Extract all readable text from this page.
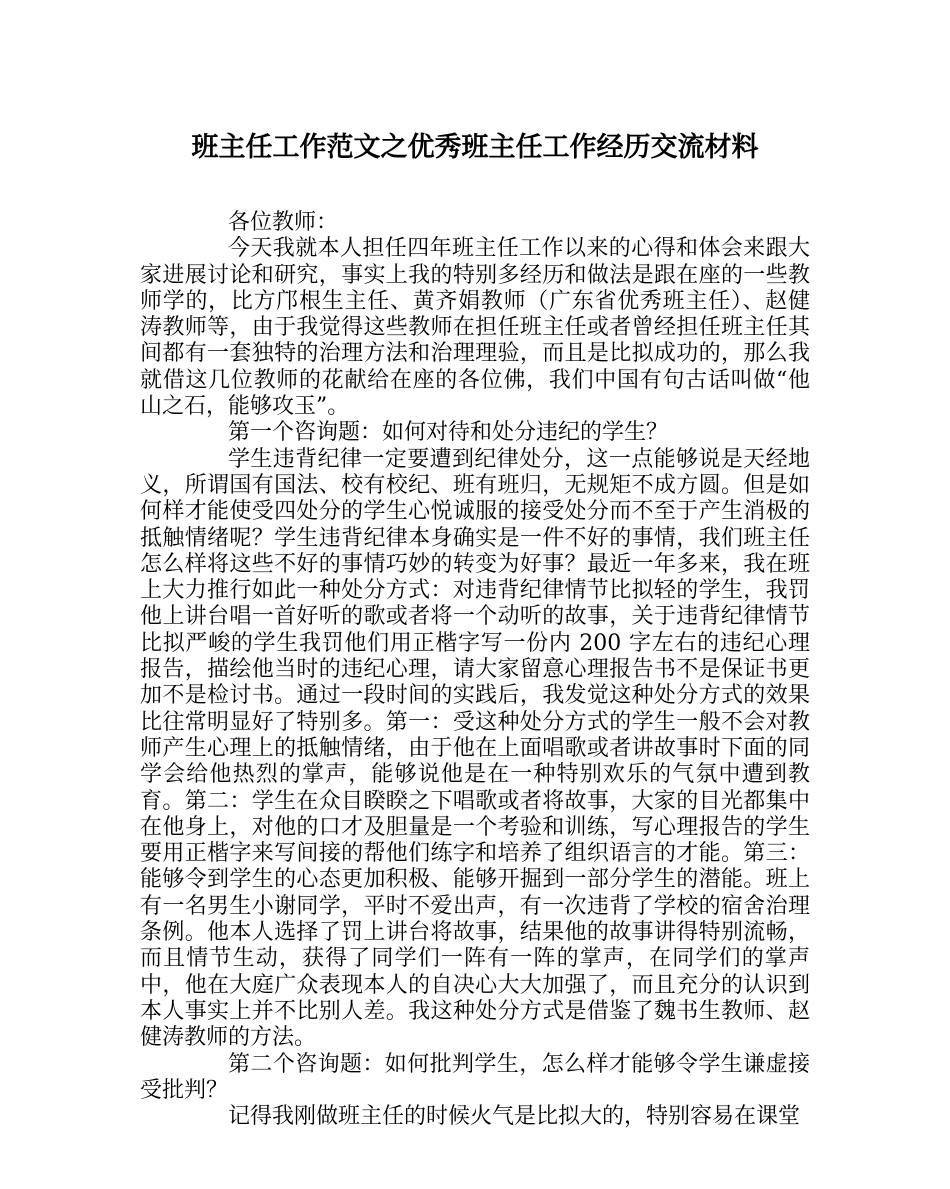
班主任工作范文之优秀班主任工作经历交流材料

各位教师：

今天我就本人担任四年班主任工作以来的心得和体会来跟大家进展讨论和研究，事实上我的特别多经历和做法是跟在座的一些教师学的，比方邝根生主任、黄齐娟教师（广东省优秀班主任）、赵健涛教师等，由于我觉得这些教师在担任班主任或者曾经担任班主任其间都有一套独特的治理方法和治理理验，而且是比拟成功的，那么我就借这几位教师的花献给在座的各位佛，我们中国有句古话叫做“他山之石，能够攻玉”。

第一个咨询题：如何对待和处分违纪的学生？

学生违背纪律一定要遭到纪律处分，这一点能够说是天经地义，所谓国有国法、校有校纪、班有班归，无规矩不成方圆。但是如何样才能使受四处分的学生心悦诚服的接受处分而不至于产生消极的抵触情绪呢？学生违背纪律本身确实是一件不好的事情，我们班主任怎么样将这些不好的事情巧妙的转变为好事？最近一年多来，我在班上大力推行如此一种处分方式：对违背纪律情节比拟轻的学生，我罚他上讲台唱一首好听的歌或者将一个动听的故事，关于违背纪律情节比拟严峻的学生我罚他们用正楷字写一份内 200 字左右的违纪心理报告，描绘他当时的违纪心理，请大家留意心理报告书不是保证书更加不是检讨书。通过一段时间的实践后，我发觉这种处分方式的效果比往常明显好了特别多。第一：受这种处分方式的学生一般不会对教师产生心理上的抵触情绪，由于他在上面唱歌或者讲故事时下面的同学会给他热烈的掌声，能够说他是在一种特别欢乐的气氛中遭到教育。第二：学生在众目睽睽之下唱歌或者将故事，大家的目光都集中在他身上，对他的口才及胆量是一个考验和训练，写心理报告的学生要用正楷字来写间接的帮他们练字和培养了组织语言的才能。第三：能够令到学生的心态更加积极、能够开掘到一部分学生的潜能。班上有一名男生小谢同学，平时不爱出声，有一次违背了学校的宿舍治理条例。他本人选择了罚上讲台将故事，结果他的故事讲得特别流畅，而且情节生动，获得了同学们一阵有一阵的掌声，在同学们的掌声中，他在大庭广众表现本人的自决心大大加强了，而且充分的认识到本人事实上并不比别人差。我这种处分方式是借鉴了魏书生教师、赵健涛教师的方法。

第二个咨询题：如何批判学生，怎么样才能够令学生谦虚接受批判？

记得我刚做班主任的时候火气是比拟大的，特别容易在课堂
